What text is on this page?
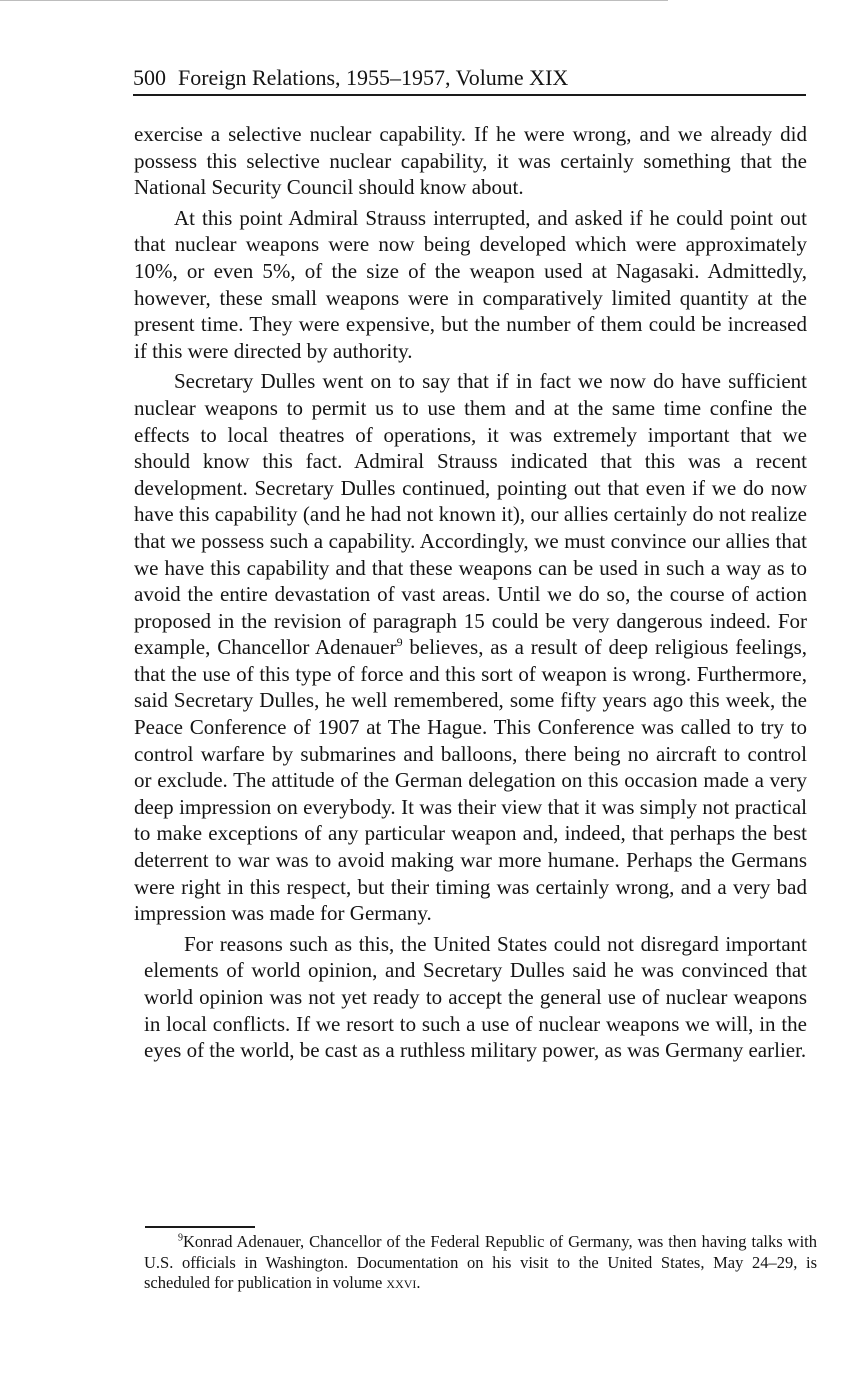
500 Foreign Relations, 1955–1957, Volume XIX

exercise a selective nuclear capability. If he were wrong, and we already did possess this selective nuclear capability, it was certainly something that the National Security Council should know about.

At this point Admiral Strauss interrupted, and asked if he could point out that nuclear weapons were now being developed which were approximately 10%, or even 5%, of the size of the weapon used at Nagasaki. Admittedly, however, these small weapons were in comparatively limited quantity at the present time. They were expensive, but the number of them could be increased if this were directed by authority.

Secretary Dulles went on to say that if in fact we now do have sufficient nuclear weapons to permit us to use them and at the same time confine the effects to local theatres of operations, it was extremely important that we should know this fact. Admiral Strauss indicated that this was a recent development. Secretary Dulles continued, pointing out that even if we do now have this capability (and he had not known it), our allies certainly do not realize that we possess such a capability. Accordingly, we must convince our allies that we have this capability and that these weapons can be used in such a way as to avoid the entire devastation of vast areas. Until we do so, the course of action proposed in the revision of paragraph 15 could be very dangerous indeed. For example, Chancellor Adenauer$^9$ believes, as a result of deep religious feelings, that the use of this type of force and this sort of weapon is wrong. Furthermore, said Secretary Dulles, he well remembered, some fifty years ago this week, the Peace Conference of 1907 at The Hague. This Conference was called to try to control warfare by submarines and balloons, there being no aircraft to control or exclude. The attitude of the German delegation on this occasion made a very deep impression on everybody. It was their view that it was simply not practical to make exceptions of any particular weapon and, indeed, that perhaps the best deterrent to war was to avoid making war more humane. Perhaps the Germans were right in this respect, but their timing was certainly wrong, and a very bad impression was made for Germany.

For reasons such as this, the United States could not disregard important elements of world opinion, and Secretary Dulles said he was convinced that world opinion was not yet ready to accept the general use of nuclear weapons in local conflicts. If we resort to such a use of nuclear weapons we will, in the eyes of the world, be cast as a ruthless military power, as was Germany earlier.

$^9$Konrad Adenauer, Chancellor of the Federal Republic of Germany, was then having talks with U.S. officials in Washington. Documentation on his visit to the United States, May 24–29, is scheduled for publication in volume xxvi.
